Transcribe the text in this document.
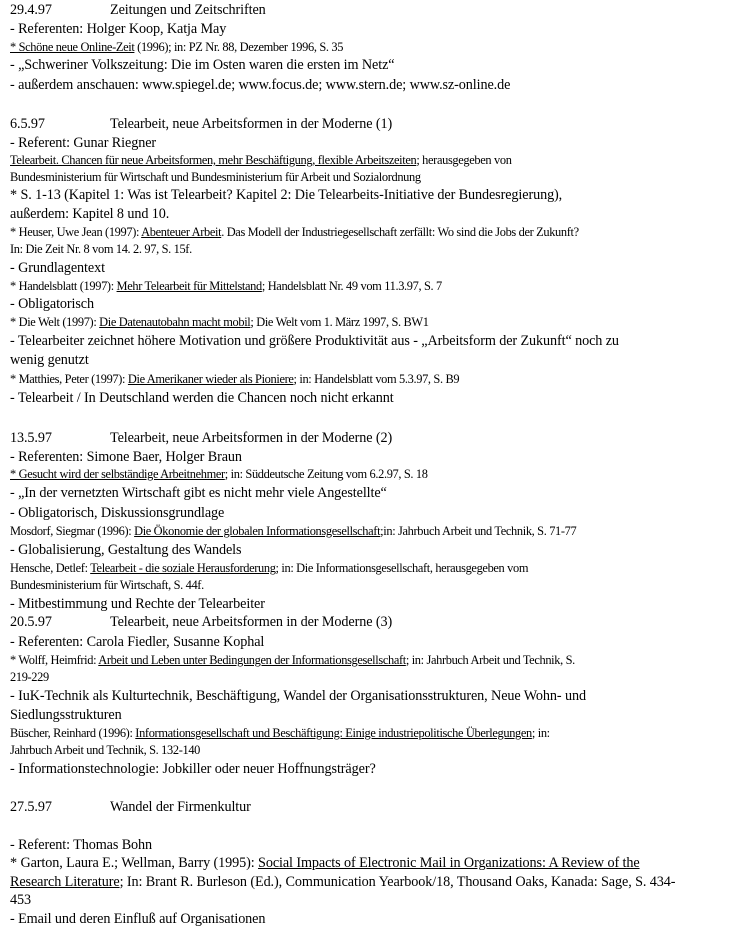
29.4.97	Zeitungen und Zeitschriften
- Referenten: Holger Koop, Katja May
* Schöne neue Online-Zeit (1996); in: PZ Nr. 88, Dezember 1996, S. 35
- „Schweriner Volkszeitung: Die im Osten waren die ersten im Netz“
- außerdem anschauen: www.spiegel.de; www.focus.de; www.stern.de; www.sz-online.de
6.5.97	Telearbeit, neue Arbeitsformen in der Moderne (1)
- Referent: Gunar Riegner
Telearbeit. Chancen für neue Arbeitsformen, mehr Beschäftigung, flexible Arbeitszeiten; herausgegeben von
Bundesministerium für Wirtschaft und Bundesministerium für Arbeit und Sozialordnung
* S. 1-13 (Kapitel 1: Was ist Telearbeit? Kapitel 2: Die Telearbeits-Initiative der Bundesregierung),
außerdem: Kapitel 8 und 10.
* Heuser, Uwe Jean (1997): Abenteuer Arbeit. Das Modell der Industriegesellschaft zerfällt: Wo sind die Jobs der Zukunft?
In: Die Zeit Nr. 8 vom 14. 2. 97, S. 15f.
- Grundlagentext
* Handelsblatt (1997): Mehr Telearbeit für Mittelstand; Handelsblatt Nr. 49 vom 11.3.97, S. 7
- Obligatorisch
* Die Welt (1997): Die Datenautobahn macht mobil; Die Welt vom 1. März 1997, S. BW1
- Telearbeiter zeichnet höhere Motivation und größere Produktivität aus - „Arbeitsform der Zukunft“ noch zu
wenig genutzt
* Matthies, Peter (1997): Die Amerikaner wieder als Pioniere; in: Handelsblatt vom 5.3.97, S. B9
- Telearbeit / In Deutschland werden die Chancen noch nicht erkannt
13.5.97	Telearbeit, neue Arbeitsformen in der Moderne (2)
- Referenten: Simone Baer, Holger Braun
* Gesucht wird der selbständige Arbeitnehmer; in: Süddeutsche Zeitung vom 6.2.97, S. 18
- „In der vernetzten Wirtschaft gibt es nicht mehr viele Angestellte“
- Obligatorisch, Diskussionsgrundlage
Mosdorf, Siegmar (1996): Die Ökonomie der globalen Informationsgesellschaft;in: Jahrbuch Arbeit und Technik, S. 71-77
- Globalisierung, Gestaltung des Wandels
Hensche, Detlef: Telearbeit - die soziale Herausforderung; in: Die Informationsgesellschaft, herausgegeben vom
Bundesministerium für Wirtschaft, S. 44f.
- Mitbestimmung und Rechte der Telearbeiter
20.5.97	Telearbeit, neue Arbeitsformen in der Moderne (3)
- Referenten: Carola Fiedler, Susanne Kophal
* Wolff, Heimfrid: Arbeit und Leben unter Bedingungen der Informationsgesellschaft; in: Jahrbuch Arbeit und Technik, S.
219-229
- IuK-Technik als Kulturtechnik, Beschäftigung, Wandel der Organisationsstrukturen, Neue Wohn- und
Siedlungsstrukturen
Büscher, Reinhard (1996): Informationsgesellschaft und Beschäftigung: Einige industriepolitische Überlegungen; in:
Jahrbuch Arbeit und Technik, S. 132-140
- Informationstechnologie: Jobkiller oder neuer Hoffnungsträger?
27.5.97	Wandel der Firmenkultur
- Referent: Thomas Bohn
* Garton, Laura E.; Wellman, Barry (1995): Social Impacts of Electronic Mail in Organizations: A Review of the
Research Literature; In: Brant R. Burleson (Ed.), Communication Yearbook/18, Thousand Oaks, Kanada: Sage, S. 434-
453
- Email und deren Einfluß auf Organisationen
